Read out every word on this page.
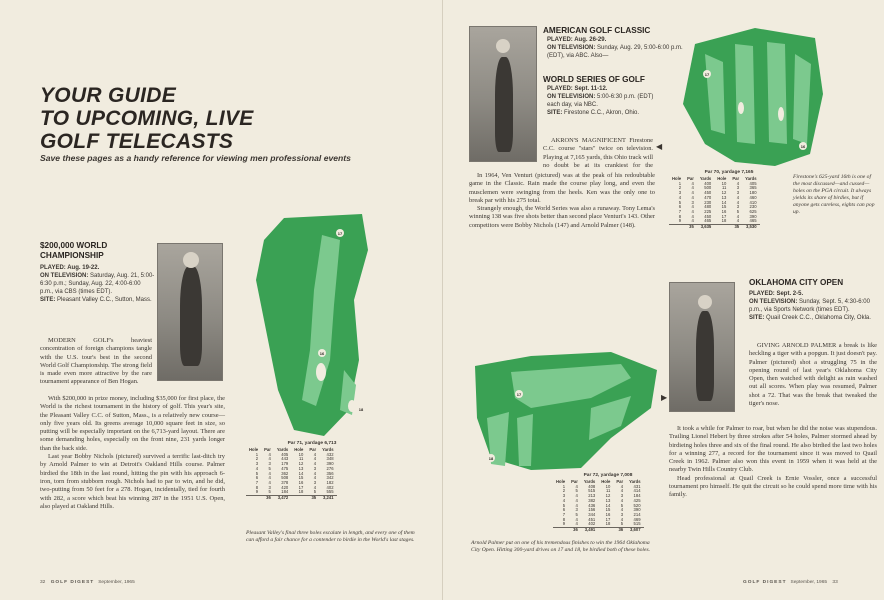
YOUR GUIDE
TO UPCOMING, LIVE
GOLF TELECASTS
Save these pages as a handy reference for viewing men professional events
$200,000 WORLD
CHAMPIONSHIP
PLAYED: Aug. 19-22.
ON TELEVISION: Saturday, Aug. 21, 5:00-6:30 p.m.; Sunday, Aug. 22, 4:00-6:00 p.m., via CBS (times EDT).
SITE: Pleasant Valley C.C., Sutton, Mass.

MODERN GOLF's heaviest concentration of foreign champions tangle with the U.S. tour's best in the second World Golf Championship. The strong field is made even more attractive by the rare tournament appearance of Ben Hogan.

With $200,000 in prize money, including $35,000 for first place, the World is the richest tournament in the history of golf. This year's site, the Pleasant Valley C.C. of Sutton, Mass., is a relatively new course—only five years old. Its greens average 10,000 square feet in size, so putting will be especially important on the 6,713-yard layout. There are some demanding holes, especially on the front nine, 231 yards longer than the back side.

Last year Bobby Nichols (pictured) survived a terrific last-ditch try by Arnold Palmer to win at Detroit's Oakland Hills course. Palmer birdied the 18th in the last round, hitting the pin with his approach 6-iron, torn from stubborn rough. Nichols had to par to win, and he did, two-putting from 50 feet for a 278. Hogan, incidentally, tied for fourth with 282, a score which beat his winning 287 in the 1951 U.S. Open, also played at Oakland Hills.

17
16
18
Par 71, yardage 6,713
Hole	Par	Yards	Hole	Par	Yards
1	4	405	10	4	432
2	4	443	11	4	348
3	3	179	12	4	390
4	5	475	13	3	276
5	4	362	14	4	356
6	4	508	15	4	342
7	4	378	16	3	182
8	3	420	17	4	402
9	5	184	18	5	555
	36	3,472		35	3,241
Pleasant Valley's final three holes escalate in length, and every one of them can afford a fair chance for a contender to birdie in the World's last stages.
32 GOLF DIGEST September, 1965
AMERICAN GOLF CLASSIC
PLAYED: Aug. 26-29.
ON TELEVISION: Sunday, Aug. 29, 5:00-6:00 p.m. (EDT), via ABC. Also—
WORLD SERIES OF GOLF
PLAYED: Sept. 11-12.
ON TELEVISION: 5:00-6:30 p.m. (EDT) each day, via NBC.
SITE: Firestone C.C., Akron, Ohio.
◀

AKRON'S MAGNIFICENT Firestone C.C. course "stars" twice on television. Playing at 7,165 yards, this Ohio track will no doubt be at its crankiest for the

In 1964, Ven Venturi (pictured) was at the peak of his redoubtable game in the Classic. Rain made the course play long, and even the musclemen were swinging from the heels. Ken was the only one to break par with his 275 total.

Strangely enough, the World Series was also a runaway. Tony Lema's winning 138 was five shots better than second place Venturi's 143. Other competitors were Bobby Nichols (147) and Arnold Palmer (148).

17
16
Par 70, yardage 7,165
Hole	Par	Yards	Hole	Par	Yards
1	4	400	10	4	405
2	4	500	11	3	365
3	4	450	12	3	180
4	4	470	13	4	460
5	3	230	14	4	410
6	4	480	15	3	230
7	4	225	16	5	625
8	4	450	17	4	390
9	4	465	18	4	465
	35	3,635		35	3,530
Firestone's 625-yard 16th is one of the most discussed—and cussed—holes on the PGA circuit. It always yields its share of birdies, but if anyone gets careless, eights can pop up.
OKLAHOMA CITY OPEN
PLAYED: Sept. 2-5.
ON TELEVISION: Sunday, Sept. 5, 4:30-6:00 p.m., via Sports Network (times EDT).
SITE: Quail Creek C.C., Oklahoma City, Okla.

GIVING ARNOLD PALMER a break is like heckling a tiger with a popgun. It just doesn't pay. Palmer (pictured) shot a struggling 75 in the opening round of last year's Oklahoma City Open, then watched with delight as rain washed out all scores. When play was resumed, Palmer shot a 72. That was the break that tweaked the tiger's nose.

It took a while for Palmer to roar, but when he did the noise was stupendous. Trailing Lionel Hebert by three strokes after 54 holes, Palmer stormed ahead by birdieing holes three and six of the final round. He also birdied the last two holes for a winning 277, a record for the tournament since it was moved to Quail Creek in 1962. Palmer also won this event in 1959 when it was held at the nearby Twin Hills Country Club.

Head professional at Quail Creek is Ernie Vossler, once a successful tournament pro himself. He quit the circuit so he could spend more time with his family.

17
18
▶
Par 72, yardage 7,008
Hole	Par	Yards	Hole	Par	Yards
1	4	408	10	4	431
2	5	515	11	4	414
3	4	213	12	3	184
4	4	382	13	4	425
5	4	436	14	5	520
6	3	156	15	4	390
7	5	344	16	3	214
8	4	451	17	4	469
9	4	402	18	5	515
	36	3,491		36	3,607
Arnold Palmer put on one of his tremendous finishes to win the 1964 Oklahoma City Open. Hitting 300-yard drives on 17 and 18, he birdied both of these holes.
GOLF DIGEST September, 1965 33
